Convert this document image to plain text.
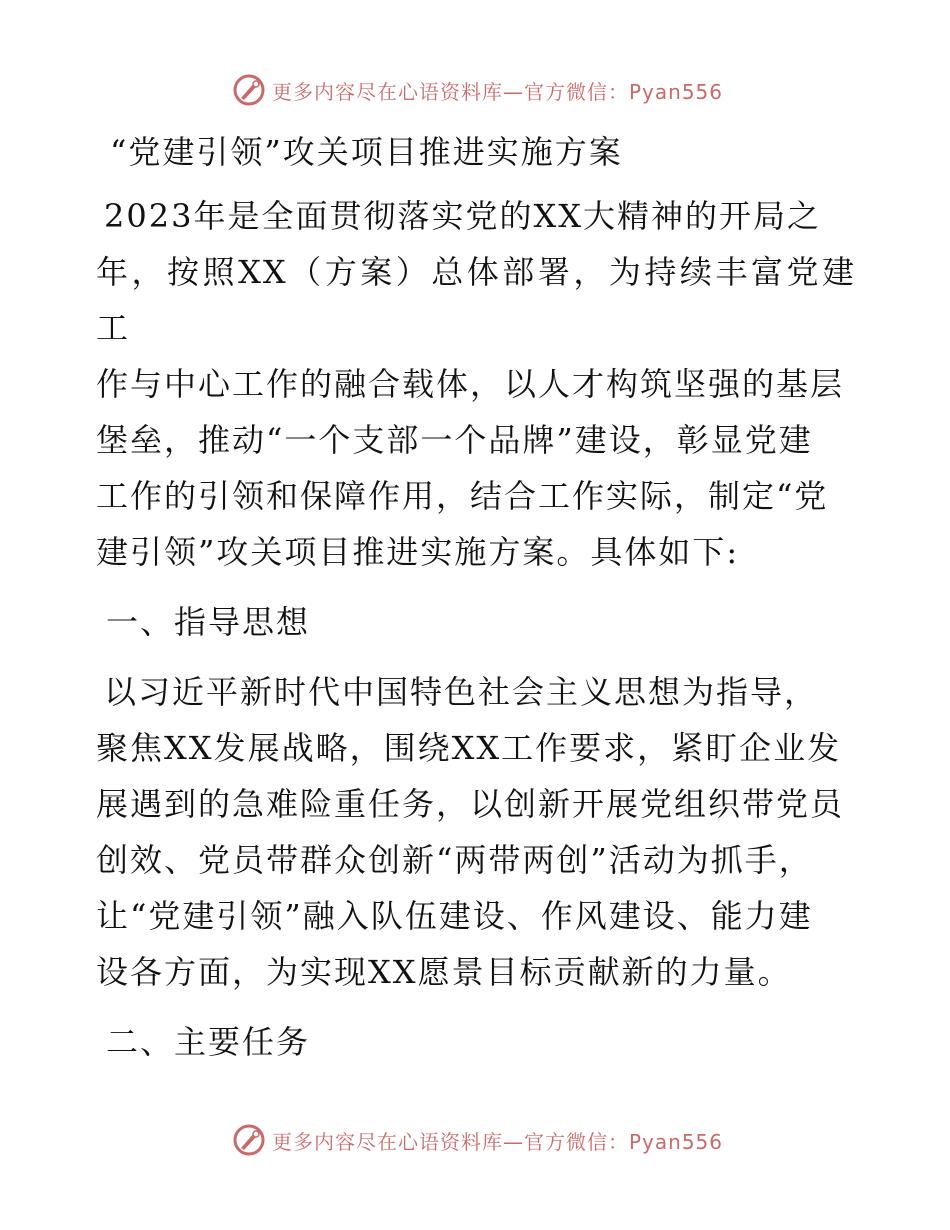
更多内容尽在心语资料库—官方微信：Pyan556
“党建引领”攻关项目推进实施方案

2023年是全面贯彻落实党的XX大精神的开局之

年，按照XX（方案）总体部署，为持续丰富党建工

作与中心工作的融合载体，以人才构筑坚强的基层

堡垒，推动“一个支部一个品牌”建设，彰显党建

工作的引领和保障作用，结合工作实际，制定“党

建引领”攻关项目推进实施方案。具体如下:

一、指导思想

以习近平新时代中国特色社会主义思想为指导，

聚焦XX发展战略，围绕XX工作要求，紧盯企业发

展遇到的急难险重任务，以创新开展党组织带党员

创效、党员带群众创新“两带两创”活动为抓手，

让“党建引领”融入队伍建设、作风建设、能力建

设各方面，为实现XX愿景目标贡献新的力量。

二、主要任务
更多内容尽在心语资料库—官方微信：Pyan556
